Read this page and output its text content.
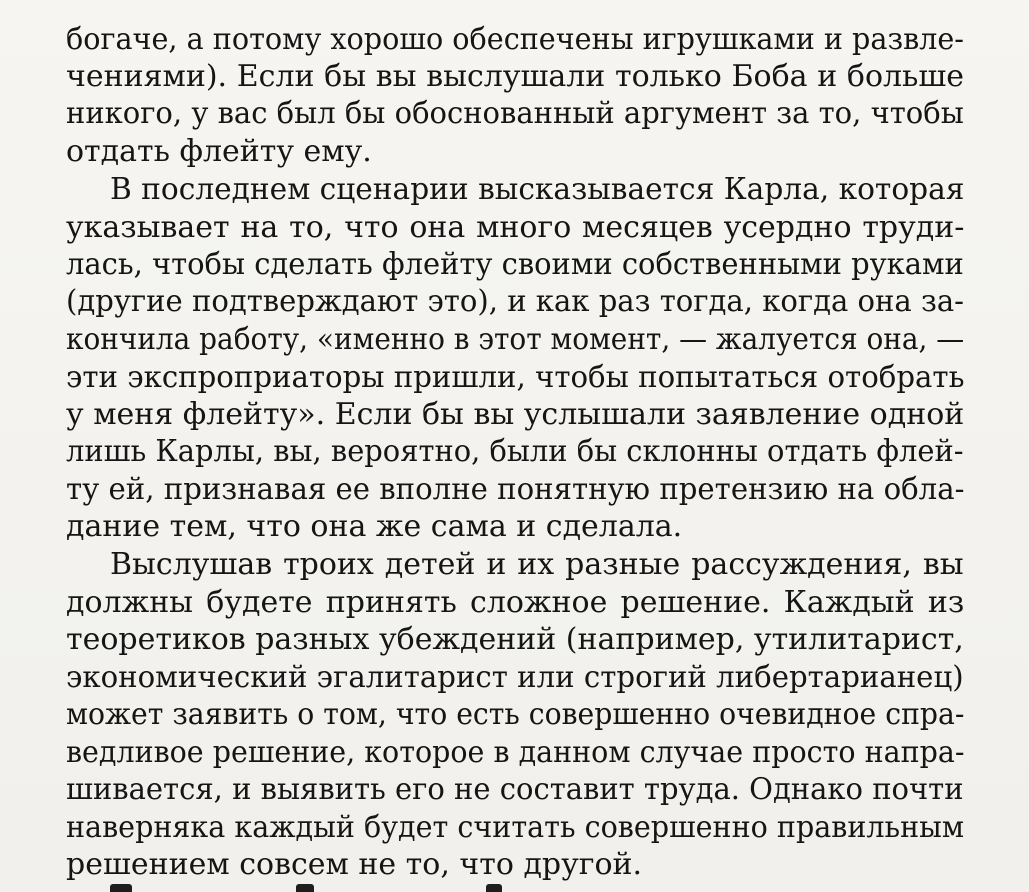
богаче, а потому хорошо обеспечены игрушками и развле-
чениями). Если бы вы выслушали только Боба и больше
никого, у вас был бы обоснованный аргумент за то, чтобы
отдать флейту ему.
В последнем сценарии высказывается Карла, которая
указывает на то, что она много месяцев усердно труди-
лась, чтобы сделать флейту своими собственными руками
(другие подтверждают это), и как раз тогда, когда она за-
кончила работу, «именно в этот момент, — жалуется она, —
эти экспроприаторы пришли, чтобы попытаться отобрать
у меня флейту». Если бы вы услышали заявление одной
лишь Карлы, вы, вероятно, были бы склонны отдать флей-
ту ей, признавая ее вполне понятную претензию на обла-
дание тем, что она же сама и сделала.
Выслушав троих детей и их разные рассуждения, вы
должны будете принять сложное решение. Каждый из
теоретиков разных убеждений (например, утилитарист,
экономический эгалитарист или строгий либертарианец)
может заявить о том, что есть совершенно очевидное спра-
ведливое решение, которое в данном случае просто напра-
шивается, и выявить его не составит труда. Однако почти
наверняка каждый будет считать совершенно правильным
решением совсем не то, что другой.
